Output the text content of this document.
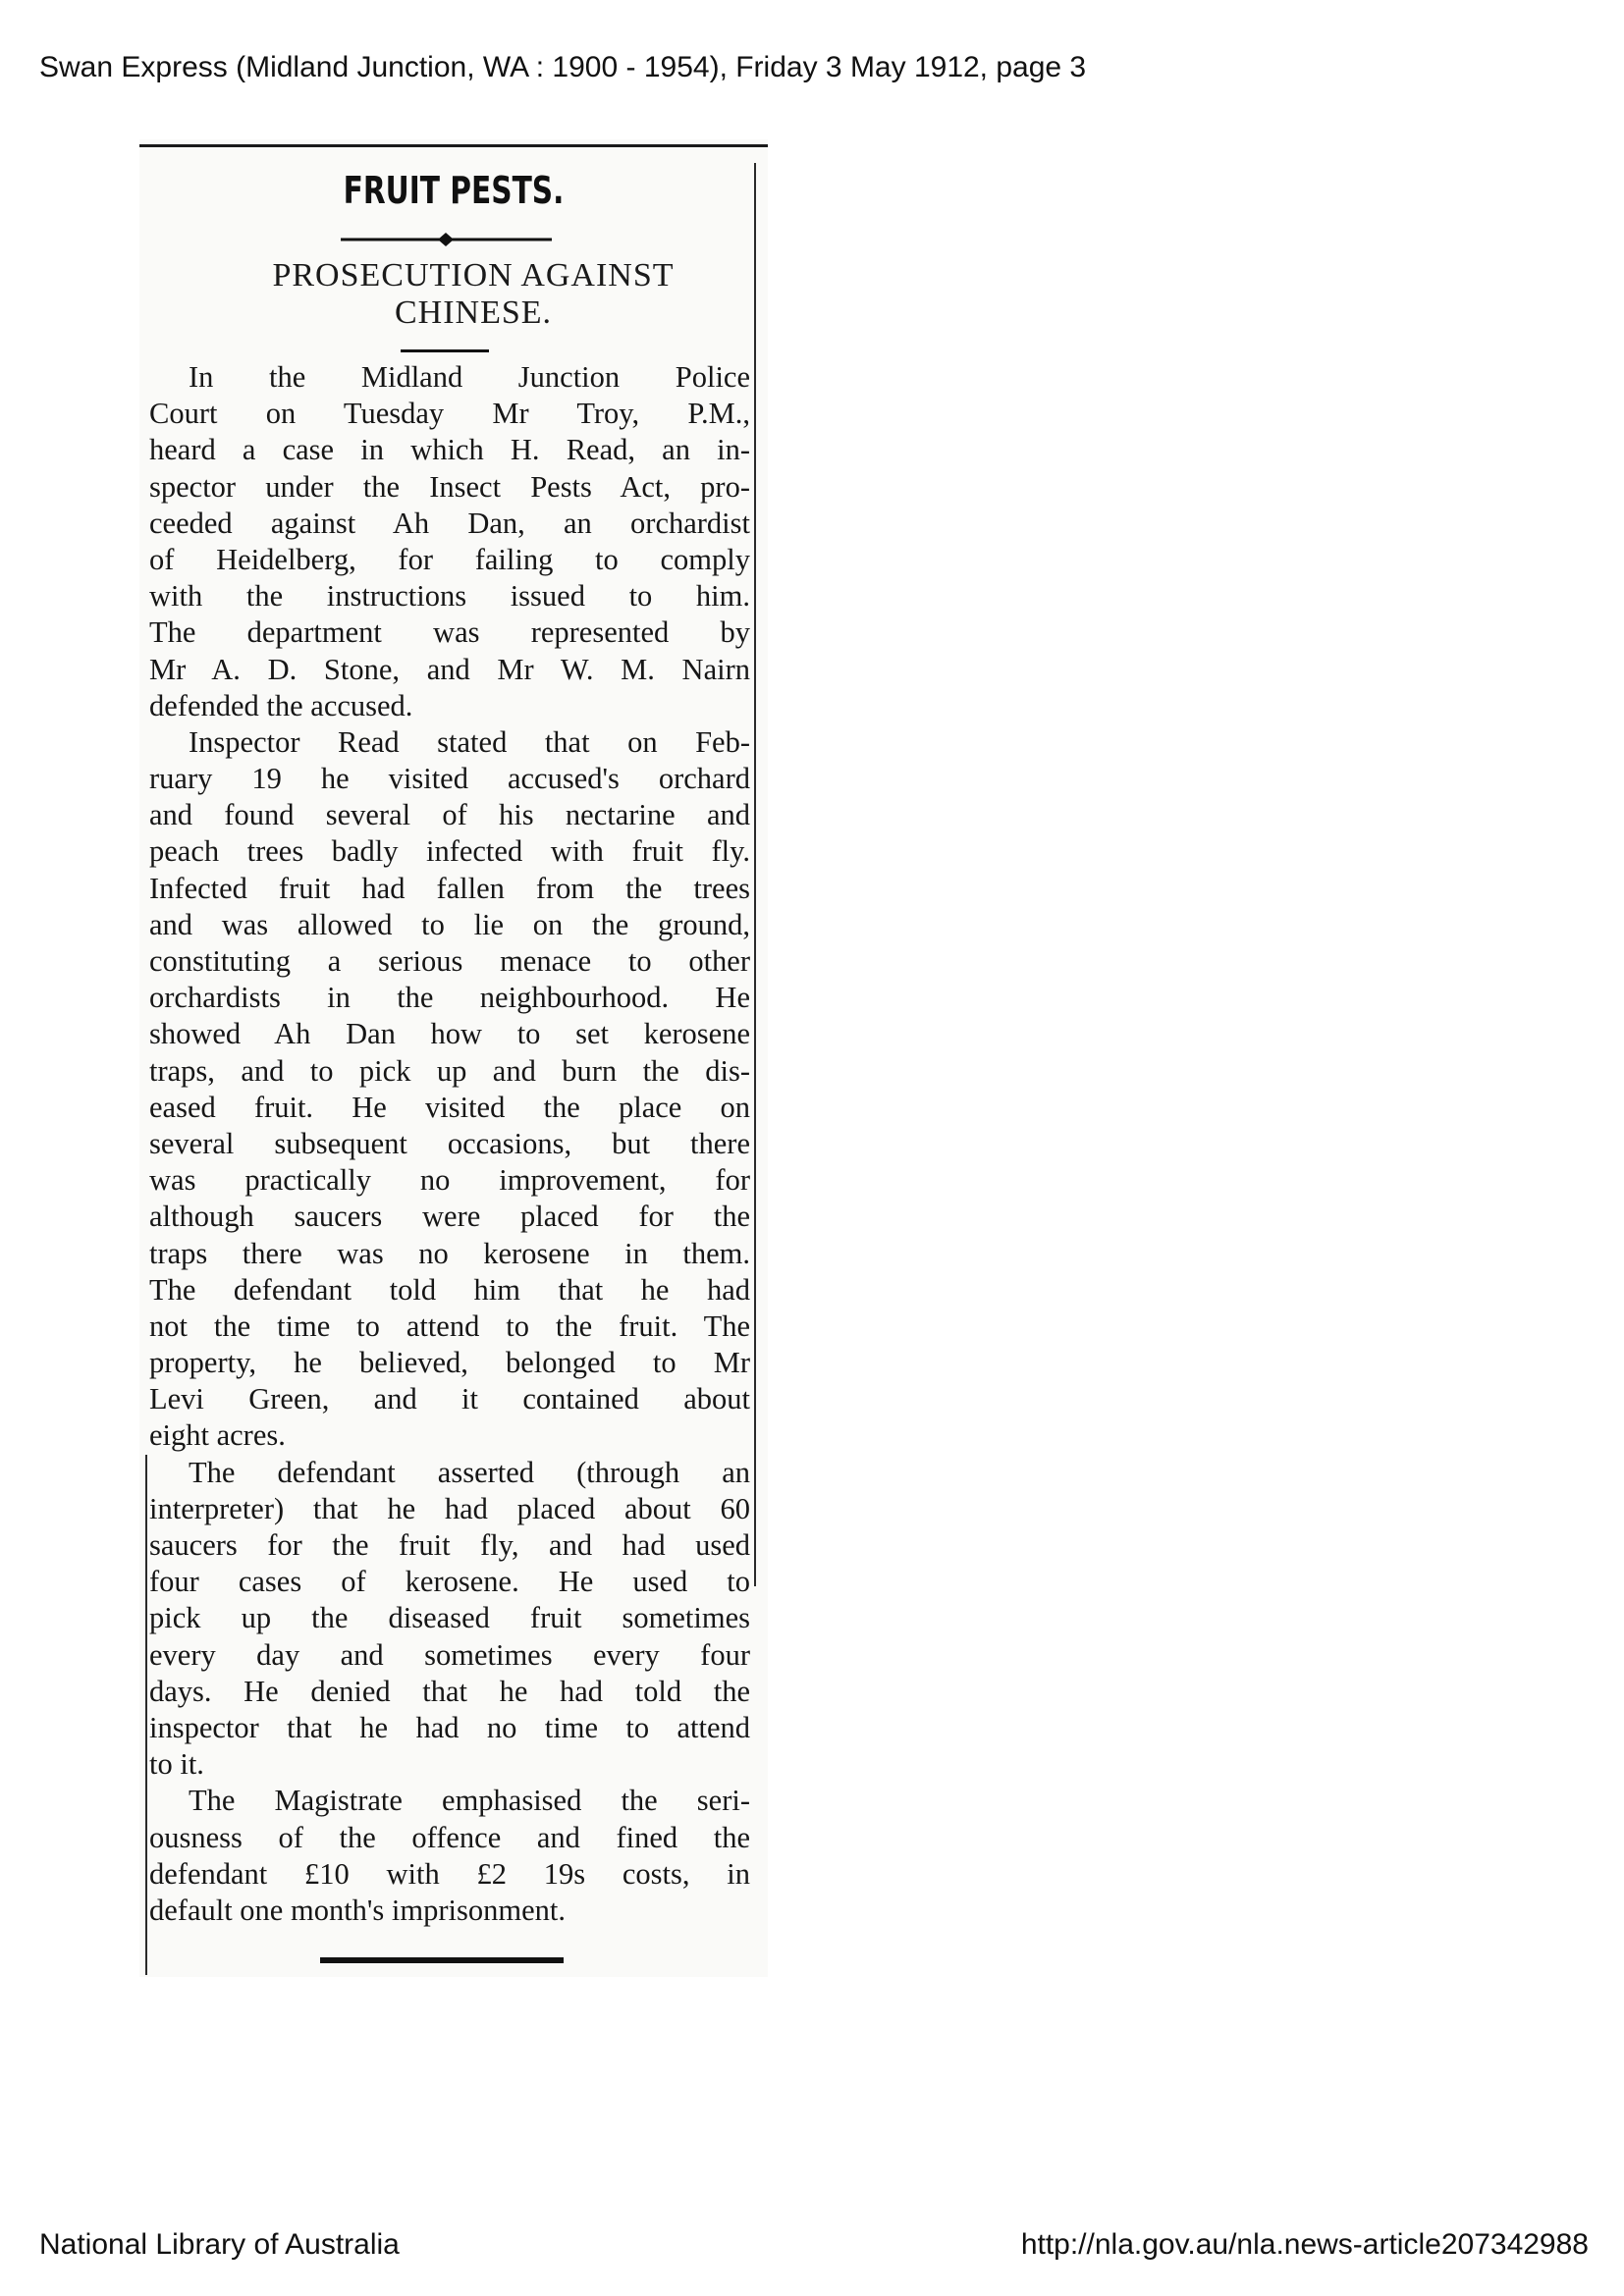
Swan Express (Midland Junction, WA : 1900 - 1954), Friday 3 May 1912, page 3
FRUIT PESTS.
PROSECUTION AGAINST
CHINESE.
In the Midland Junction Police
Court on Tuesday Mr Troy, P.M.,
heard a case in which H. Read, an in-
spector under the Insect Pests Act, pro-
ceeded against Ah Dan, an orchardist
of Heidelberg, for failing to comply
with the instructions issued to him.
The department was represented by
Mr A. D. Stone, and Mr W. M. Nairn
defended the accused.
Inspector Read stated that on Feb-
ruary 19 he visited accused's orchard
and found several of his nectarine and
peach trees badly infected with fruit fly.
Infected fruit had fallen from the trees
and was allowed to lie on the ground,
constituting a serious menace to other
orchardists in the neighbourhood. He
showed Ah Dan how to set kerosene
traps, and to pick up and burn the dis-
eased fruit. He visited the place on
several subsequent occasions, but there
was practically no improvement, for
although saucers were placed for the
traps there was no kerosene in them.
The defendant told him that he had
not the time to attend to the fruit. The
property, he believed, belonged to Mr
Levi Green, and it contained about
eight acres.
The defendant asserted (through an
interpreter) that he had placed about 60
saucers for the fruit fly, and had used
four cases of kerosene. He used to
pick up the diseased fruit sometimes
every day and sometimes every four
days. He denied that he had told the
inspector that he had no time to attend
to it.
The Magistrate emphasised the seri-
ousness of the offence and fined the
defendant £10 with £2 19s costs, in
default one month's imprisonment.
National Library of Australia	http://nla.gov.au/nla.news-article207342988
